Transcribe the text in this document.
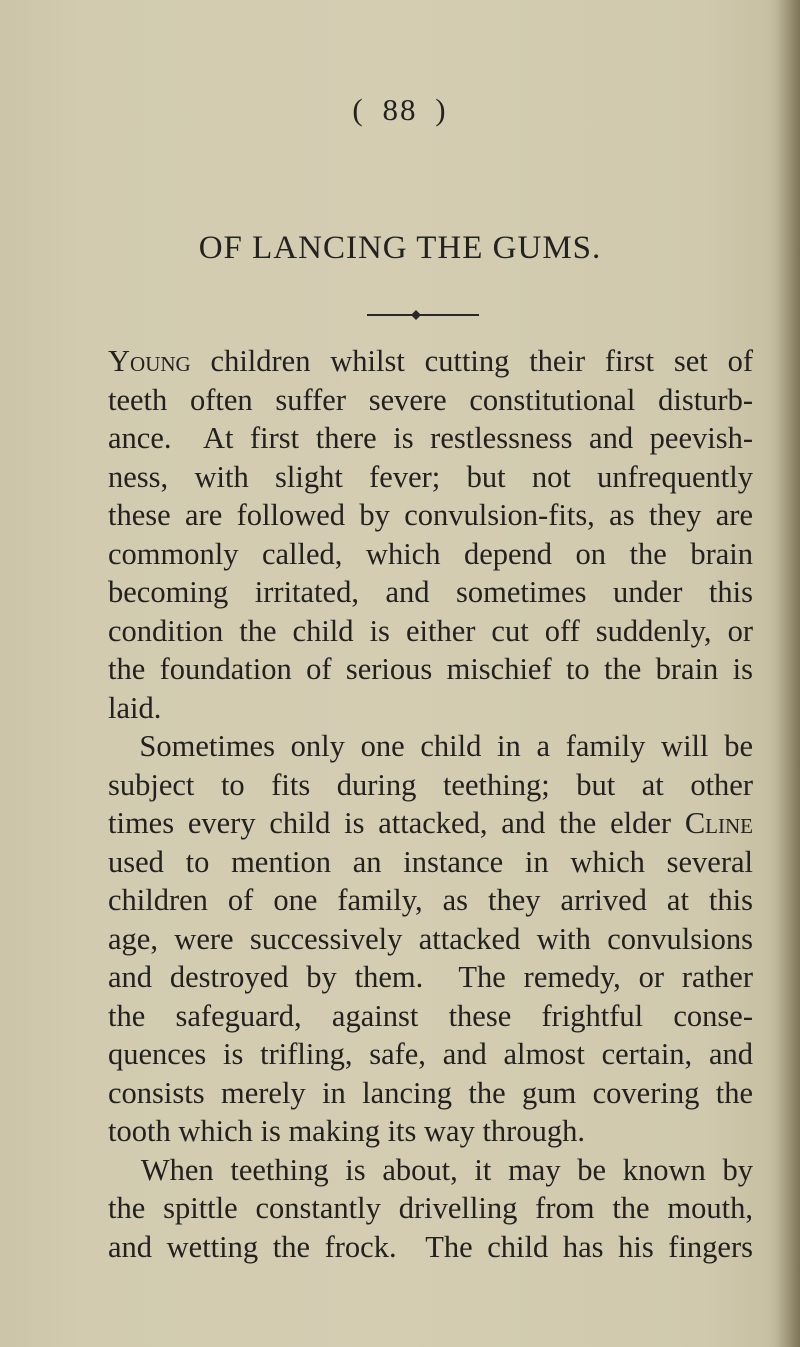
( 88 )
OF LANCING THE GUMS.
Young children whilst cutting their first set of
teeth often suffer severe constitutional disturb-
ance.  At first there is restlessness and peevish-
ness, with slight fever; but not unfrequently
these are followed by convulsion-fits, as they are
commonly called, which depend on the brain
becoming irritated, and sometimes under this
condition the child is either cut off suddenly, or
the foundation of serious mischief to the brain is
laid.
Sometimes only one child in a family will be
subject to fits during teething; but at other
times every child is attacked, and the elder Cline
used to mention an instance in which several
children of one family, as they arrived at this
age, were successively attacked with convulsions
and destroyed by them.  The remedy, or rather
the safeguard, against these frightful conse-
quences is trifling, safe, and almost certain, and
consists merely in lancing the gum covering the
tooth which is making its way through.
When teething is about, it may be known by
the spittle constantly drivelling from the mouth,
and wetting the frock.  The child has his fingers
